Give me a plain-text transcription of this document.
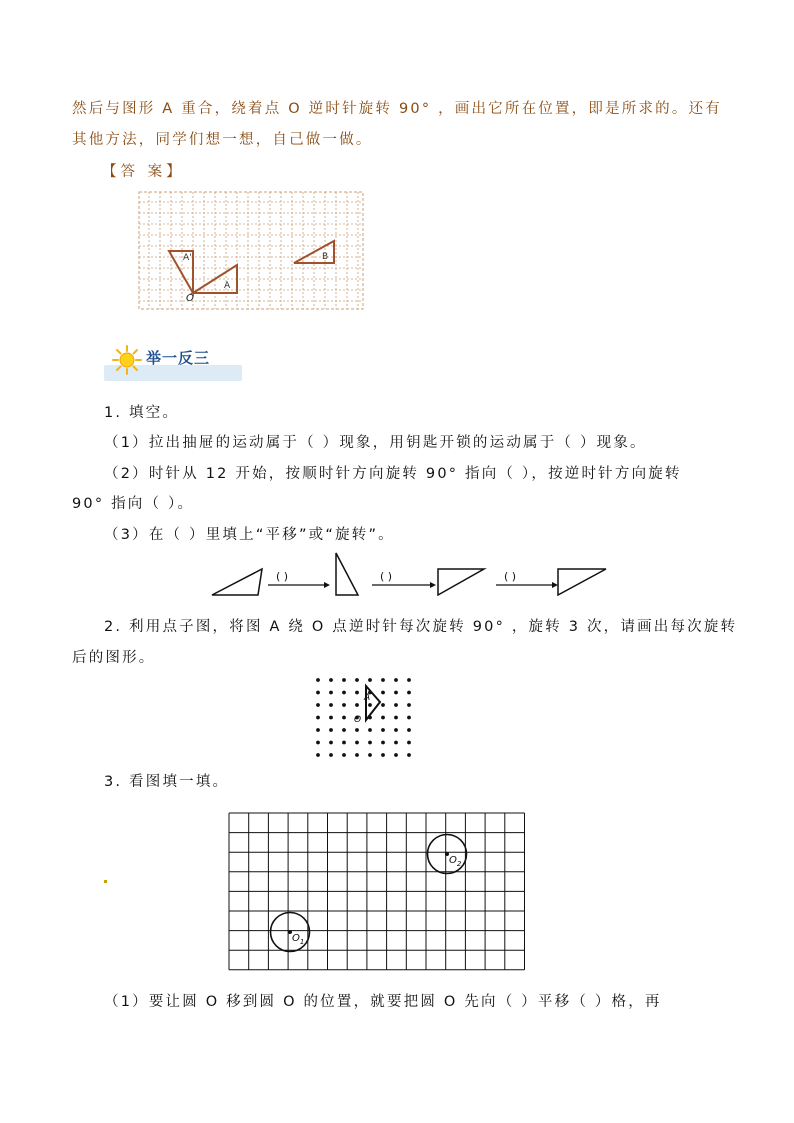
然后与图形 A 重合，绕着点 O 逆时针旋转 90° ，画出它所在位置，即是所求的。还有
其他方法，同学们想一想，自己做一做。
【答 案】
A'
A
B
O
举一反三
1. 填空。
（1）拉出抽屉的运动属于（ ）现象，用钥匙开锁的运动属于（ ）现象。
（2）时针从 12 开始，按顺时针方向旋转 90° 指向（ ），按逆时针方向旋转
90° 指向（ ）。
（3）在（ ）里填上“平移”或“旋转”。
( )	( )	( )
2. 利用点子图，将图 A 绕 O 点逆时针每次旋转 90° ，旋转 3 次，请画出每次旋转
后的图形。
A
O
3. 看图填一填。
$O_1$
$O_2$
（1）要让圆 O 移到圆 O 的位置，就要把圆 O 先向（ ）平移（ ）格，再
